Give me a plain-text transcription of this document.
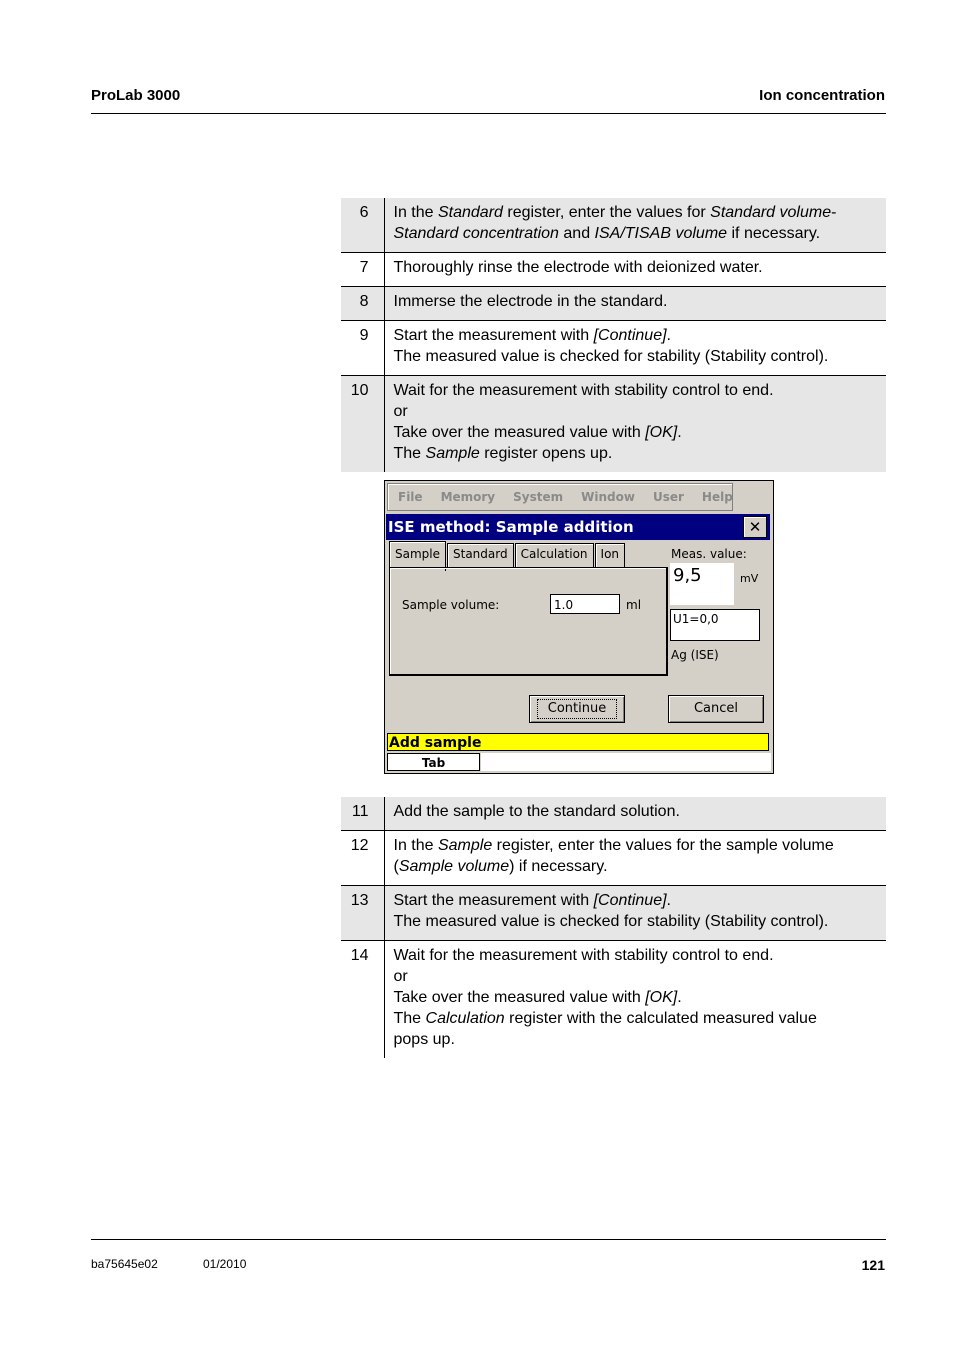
ProLab 3000	Ion concentration
6	In the Standard register, enter the values for Standard volume-
Standard concentration and ISA/TISAB volume if necessary.

7	Thoroughly rinse the electrode with deionized water.

8	Immerse the electrode in the standard.

9	Start the measurement with [Continue].
The measured value is checked for stability (Stability control).

10	Wait for the measurement with stability control to end.
or
Take over the measured value with [OK].
The Sample register opens up.
File Memory System Window User Help
ISE method: Sample addition	✕
Sample	Standard	Calculation	Ion
Sample volume:	1.0	ml
Meas. value:
9,5	mV
U1=0,0
Ag (ISE)
Continue	Cancel
Add sample
Tab
11	Add the sample to the standard solution.

12	In the Sample register, enter the values for the sample volume
(Sample volume) if necessary.

13	Start the measurement with [Continue].
The measured value is checked for stability (Stability control).

14	Wait for the measurement with stability control to end.
or
Take over the measured value with [OK].
The Calculation register with the calculated measured value
pops up.
ba75645e02	01/2010	121
